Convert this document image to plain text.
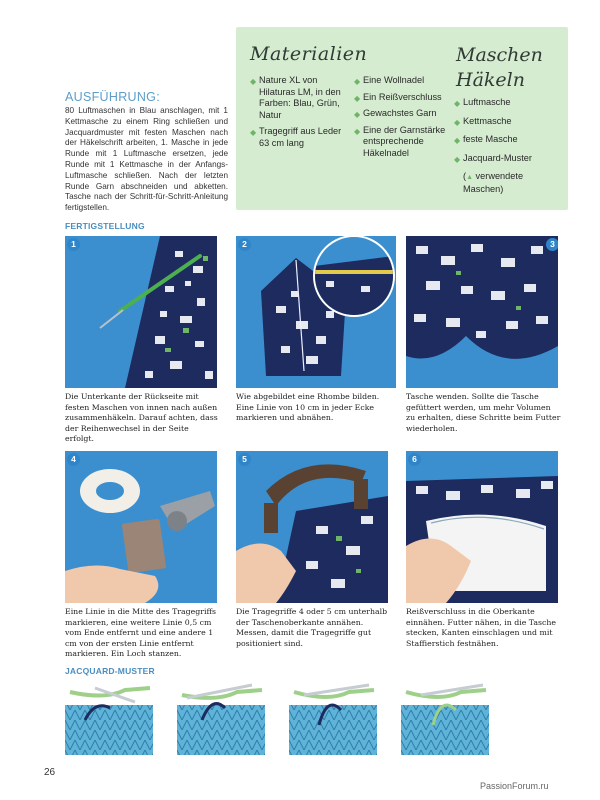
Materialien	Maschen Häkeln
◆ Nature XL von Hilaturas LM, in den Farben: Blau, Grün, Natur
◆ Tragegriff aus Leder 63 cm lang
◆ Eine Wollnadel
◆ Ein Reißverschluss
◆ Gewachstes Garn
◆ Eine der Garnstärke entsprechende Häkelnadel
◆ Luftmasche
◆ Kettmasche
◆ feste Masche
◆ Jacquard-Muster
(▲ verwendete Maschen)
AUSFÜHRUNG:
80 Luftmaschen in Blau anschlagen, mit 1 Kettmasche zu einem Ring schließen und Jacquardmuster mit festen Maschen nach der Häkelschrift arbeiten, 1. Masche in jede Runde mit 1 Luftmasche ersetzen, jede Runde mit 1 Kettmasche in der Anfangs-Luftmasche schließen. Nach der letzten Runde Garn abschneiden und abketten. Tasche nach der Schritt-für-Schritt-Anleitung fertigstellen.
FERTIGSTELLUNG
1
Die Unterkante der Rückseite mit festen Maschen von innen nach außen zusammenhäkeln. Darauf achten, dass der Reihenwechsel in der Seite erfolgt.
2
Wie abgebildet eine Rhombe bilden. Eine Linie von 10 cm in jeder Ecke markieren und abnähen.
3
Tasche wenden. Sollte die Tasche gefüttert werden, um mehr Volumen zu erhalten, diese Schritte beim Futter wiederholen.
4
Eine Linie in die Mitte des Tragegriffs markieren, eine weitere Linie 0,5 cm vom Ende entfernt und eine andere 1 cm von der ersten Linie entfernt markieren. Ein Loch stanzen.
5
Die Tragegriffe 4 oder 5 cm unterhalb der Taschenoberkante annähen. Messen, damit die Tragegriffe gut positioniert sind.
6
Reißverschluss in die Oberkante einnähen. Futter nähen, in die Tasche stecken, Kanten einschlagen und mit Staffierstich festnähen.
JACQUARD-MUSTER
26
PassionForum.ru
